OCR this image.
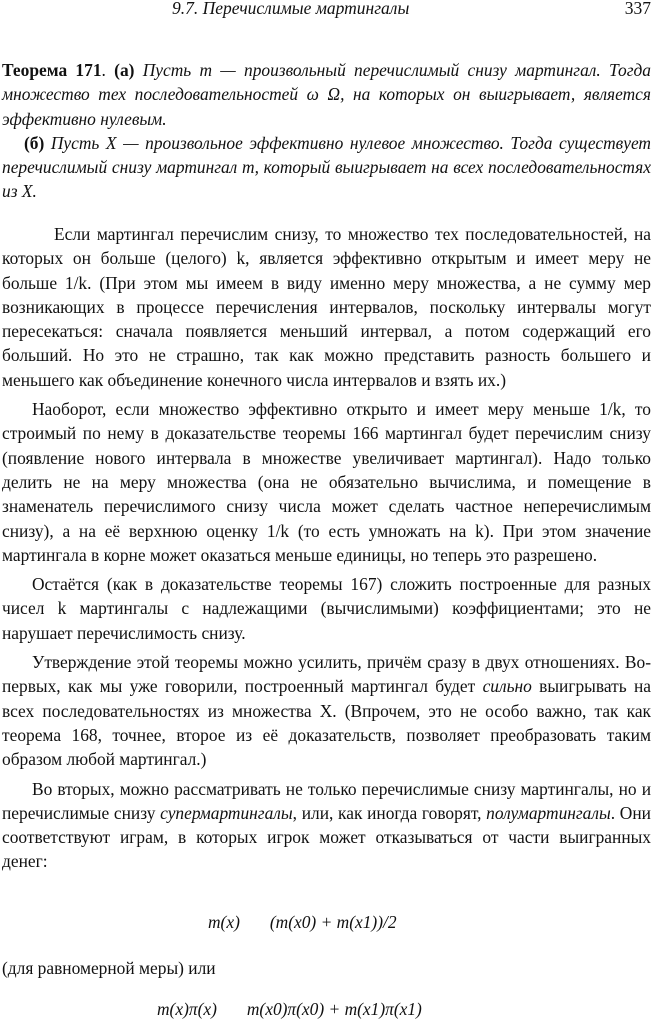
9.7. Перечислимые мартингалы	337

Теорема 171. (а) Пусть m — произвольный перечислимый снизу мартингал. Тогда множество тех последовательностей ω Ω, на которых он выигрывает, является эффективно нулевым.

(б) Пусть X — произвольное эффективно нулевое множество. Тогда существует перечислимый снизу мартингал m, который выигрывает на всех последовательностях из X.

Если мартингал перечислим снизу, то множество тех последовательностей, на которых он больше (целого) k, является эффективно открытым и имеет меру не больше 1/k. (При этом мы имеем в виду именно меру множества, а не сумму мер возникающих в процессе перечисления интервалов, поскольку интервалы могут пересекаться: сначала появляется меньший интервал, а потом содержащий его больший. Но это не страшно, так как можно представить разность большего и меньшего как объединение конечного числа интервалов и взять их.)

Наоборот, если множество эффективно открыто и имеет меру меньше 1/k, то строимый по нему в доказательстве теоремы 166 мартингал будет перечислим снизу (появление нового интервала в множестве увеличивает мартингал). Надо только делить не на меру множества (она не обязательно вычислима, и помещение в знаменатель перечислимого снизу числа может сделать частное неперечислимым снизу), а на её верхнюю оценку 1/k (то есть умножать на k). При этом значение мартингала в корне может оказаться меньше единицы, но теперь это разрешено.

Остаётся (как в доказательстве теоремы 167) сложить построенные для разных чисел k мартингалы с надлежащими (вычислимыми) коэффициентами; это не нарушает перечислимость снизу.

Утверждение этой теоремы можно усилить, причём сразу в двух отношениях. Во-первых, как мы уже говорили, построенный мартингал будет сильно выигрывать на всех последовательностях из множества X. (Впрочем, это не особо важно, так как теорема 168, точнее, второе из её доказательств, позволяет преобразовать таким образом любой мартингал.)

Во вторых, можно рассматривать не только перечислимые снизу мартингалы, но и перечислимые снизу супермартингалы, или, как иногда говорят, полумартингалы. Они соответствуют играм, в которых игрок может отказываться от части выигранных денег:

m(x) (m(x0) + m(x1))/2
(для равномерной меры) или
m(x)π(x) m(x0)π(x0) + m(x1)π(x1)
